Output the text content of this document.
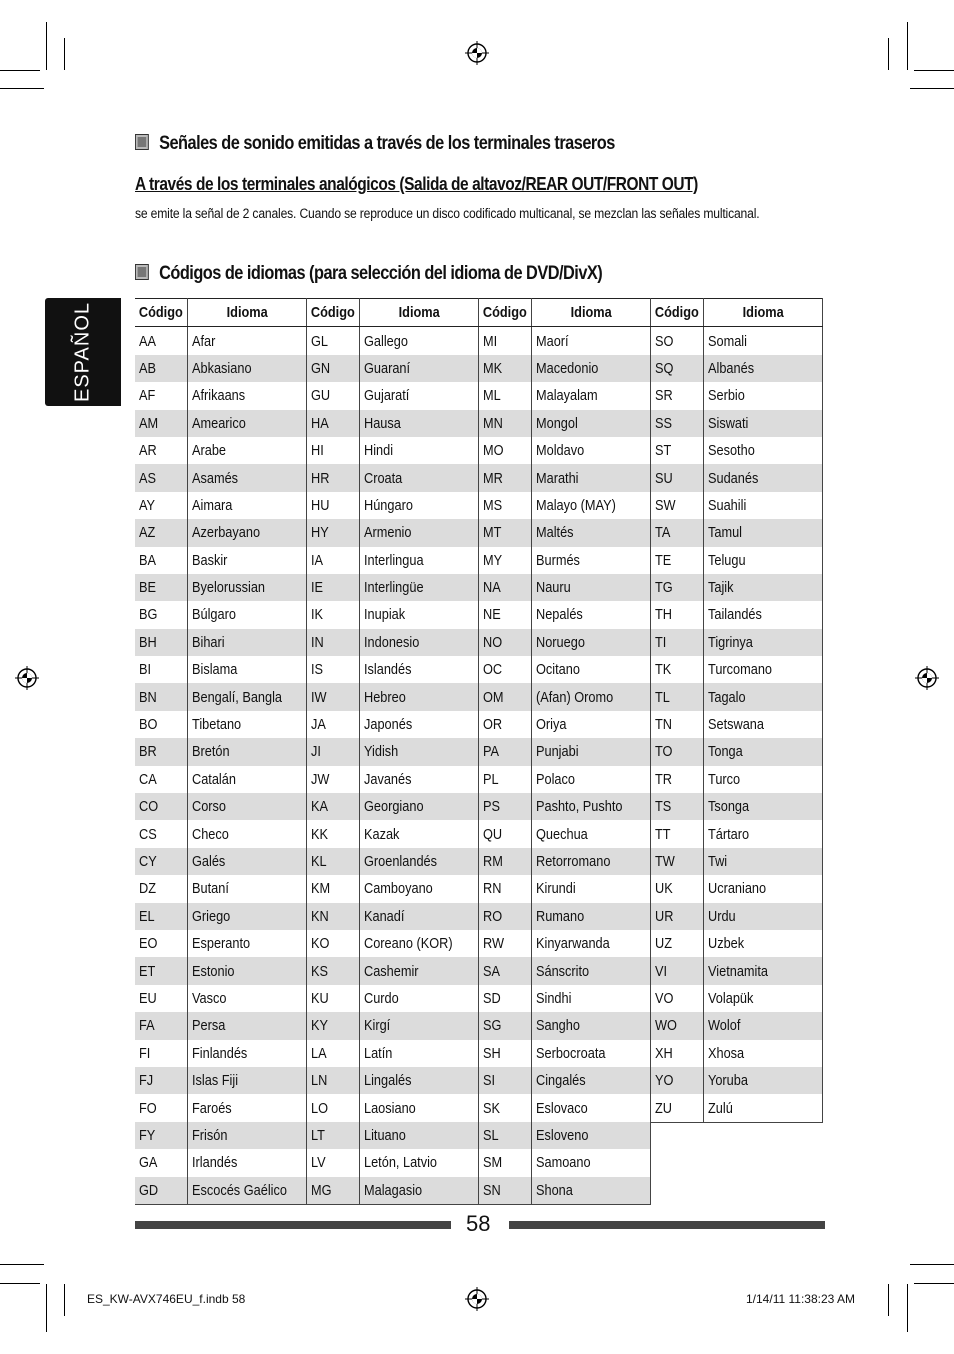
Señales de sonido emitidas a través de los terminales traseros
A través de los terminales analógicos (Salida de altavoz/REAR OUT/FRONT OUT)
se emite la señal de 2 canales. Cuando se reproduce un disco codificado multicanal, se mezclan las señales multicanal.
Códigos de idiomas (para selección del idioma de DVD/DivX)
ESPAÑOL	Código	Idioma
AA	Afar
AB	Abkasiano
AF	Afrikaans
AM	Amearico
AR	Arabe
AS	Asamés
AY	Aimara
AZ	Azerbayano
BA	Baskir
BE	Byelorussian
BG	Búlgaro
BH	Bihari
BI	Bislama
BN	Bengalí, Bangla
BO	Tibetano
BR	Bretón
CA	Catalán
CO	Corso
CS	Checo
CY	Galés
DZ	Butaní
EL	Griego
EO	Esperanto
ET	Estonio
EU	Vasco
FA	Persa
FI	Finlandés
FJ	Islas Fiji
FO	Faroés
FY	Frisón
GA	Irlandés
GD	Escocés Gaélico
Código	Idioma
GL	Gallego
GN	Guaraní
GU	Gujaratí
HA	Hausa
HI	Hindi
HR	Croata
HU	Húngaro
HY	Armenio
IA	Interlingua
IE	Interlingüe
IK	Inupiak
IN	Indonesio
IS	Islandés
IW	Hebreo
JA	Japonés
JI	Yidish
JW	Javanés
KA	Georgiano
KK	Kazak
KL	Groenlandés
KM	Camboyano
KN	Kanadí
KO	Coreano (KOR)
KS	Cashemir
KU	Curdo
KY	Kirgí
LA	Latín
LN	Lingalés
LO	Laosiano
LT	Lituano
LV	Letón, Latvio
MG	Malagasio
Código	Idioma
MI	Maorí
MK	Macedonio
ML	Malayalam
MN	Mongol
MO	Moldavo
MR	Marathi
MS	Malayo (MAY)
MT	Maltés
MY	Burmés
NA	Nauru
NE	Nepalés
NO	Noruego
OC	Ocitano
OM	(Afan) Oromo
OR	Oriya
PA	Punjabi
PL	Polaco
PS	Pashto, Pushto
QU	Quechua
RM	Retorromano
RN	Kirundi
RO	Rumano
RW	Kinyarwanda
SA	Sánscrito
SD	Sindhi
SG	Sangho
SH	Serbocroata
SI	Cingalés
SK	Eslovaco
SL	Esloveno
SM	Samoano
SN	Shona
Código	Idioma
SO	Somali
SQ	Albanés
SR	Serbio
SS	Siswati
ST	Sesotho
SU	Sudanés
SW	Suahili
TA	Tamul
TE	Telugu
TG	Tajik
TH	Tailandés
TI	Tigrinya
TK	Turcomano
TL	Tagalo
TN	Setswana
TO	Tonga
TR	Turco
TS	Tsonga
TT	Tártaro
TW	Twi
UK	Ucraniano
UR	Urdu
UZ	Uzbek
VI	Vietnamita
VO	Volapük
WO	Wolof
XH	Xhosa
YO	Yoruba
ZU	Zulú
58
ES_KW-AVX746EU_f.indb 58	1/14/11 11:38:23 AM
